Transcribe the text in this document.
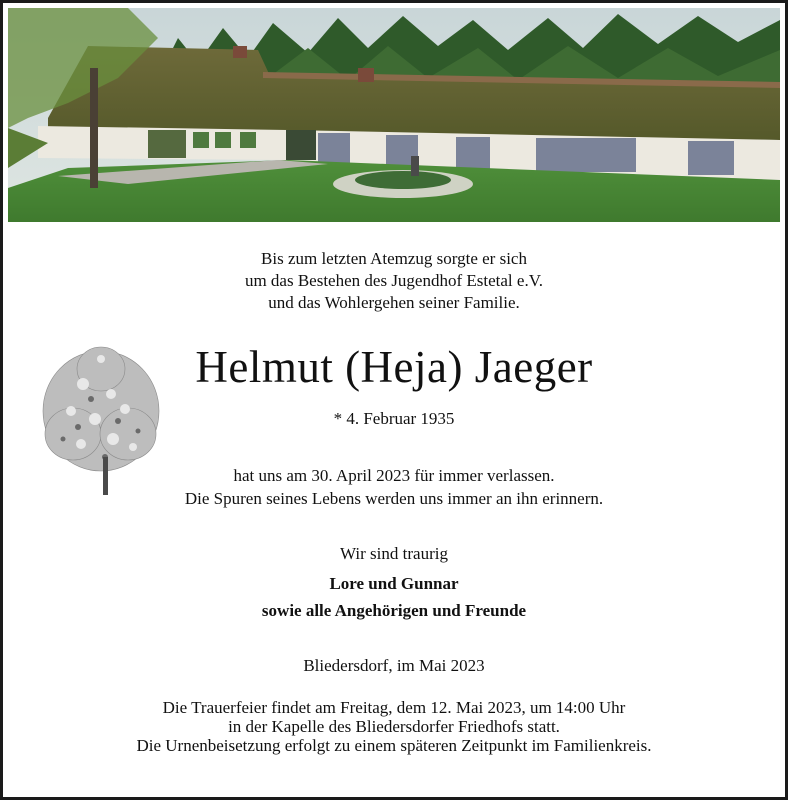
Bis zum letzten Atemzug sorgte er sich
um das Bestehen des Jugendhof Estetal e.V.
und das Wohlergehen seiner Familie.
Helmut (Heja) Jaeger
* 4. Februar 1935
hat uns am 30. April 2023 für immer verlassen.
Die Spuren seines Lebens werden uns immer an ihn erinnern.
Wir sind traurig
Lore und Gunnar
sowie alle Angehörigen und Freunde
Bliedersdorf, im Mai 2023
Die Trauerfeier findet am Freitag, dem 12. Mai 2023, um 14:00 Uhr
in der Kapelle des Bliedersdorfer Friedhofs statt.
Die Urnenbeisetzung erfolgt zu einem späteren Zeitpunkt im Familienkreis.
